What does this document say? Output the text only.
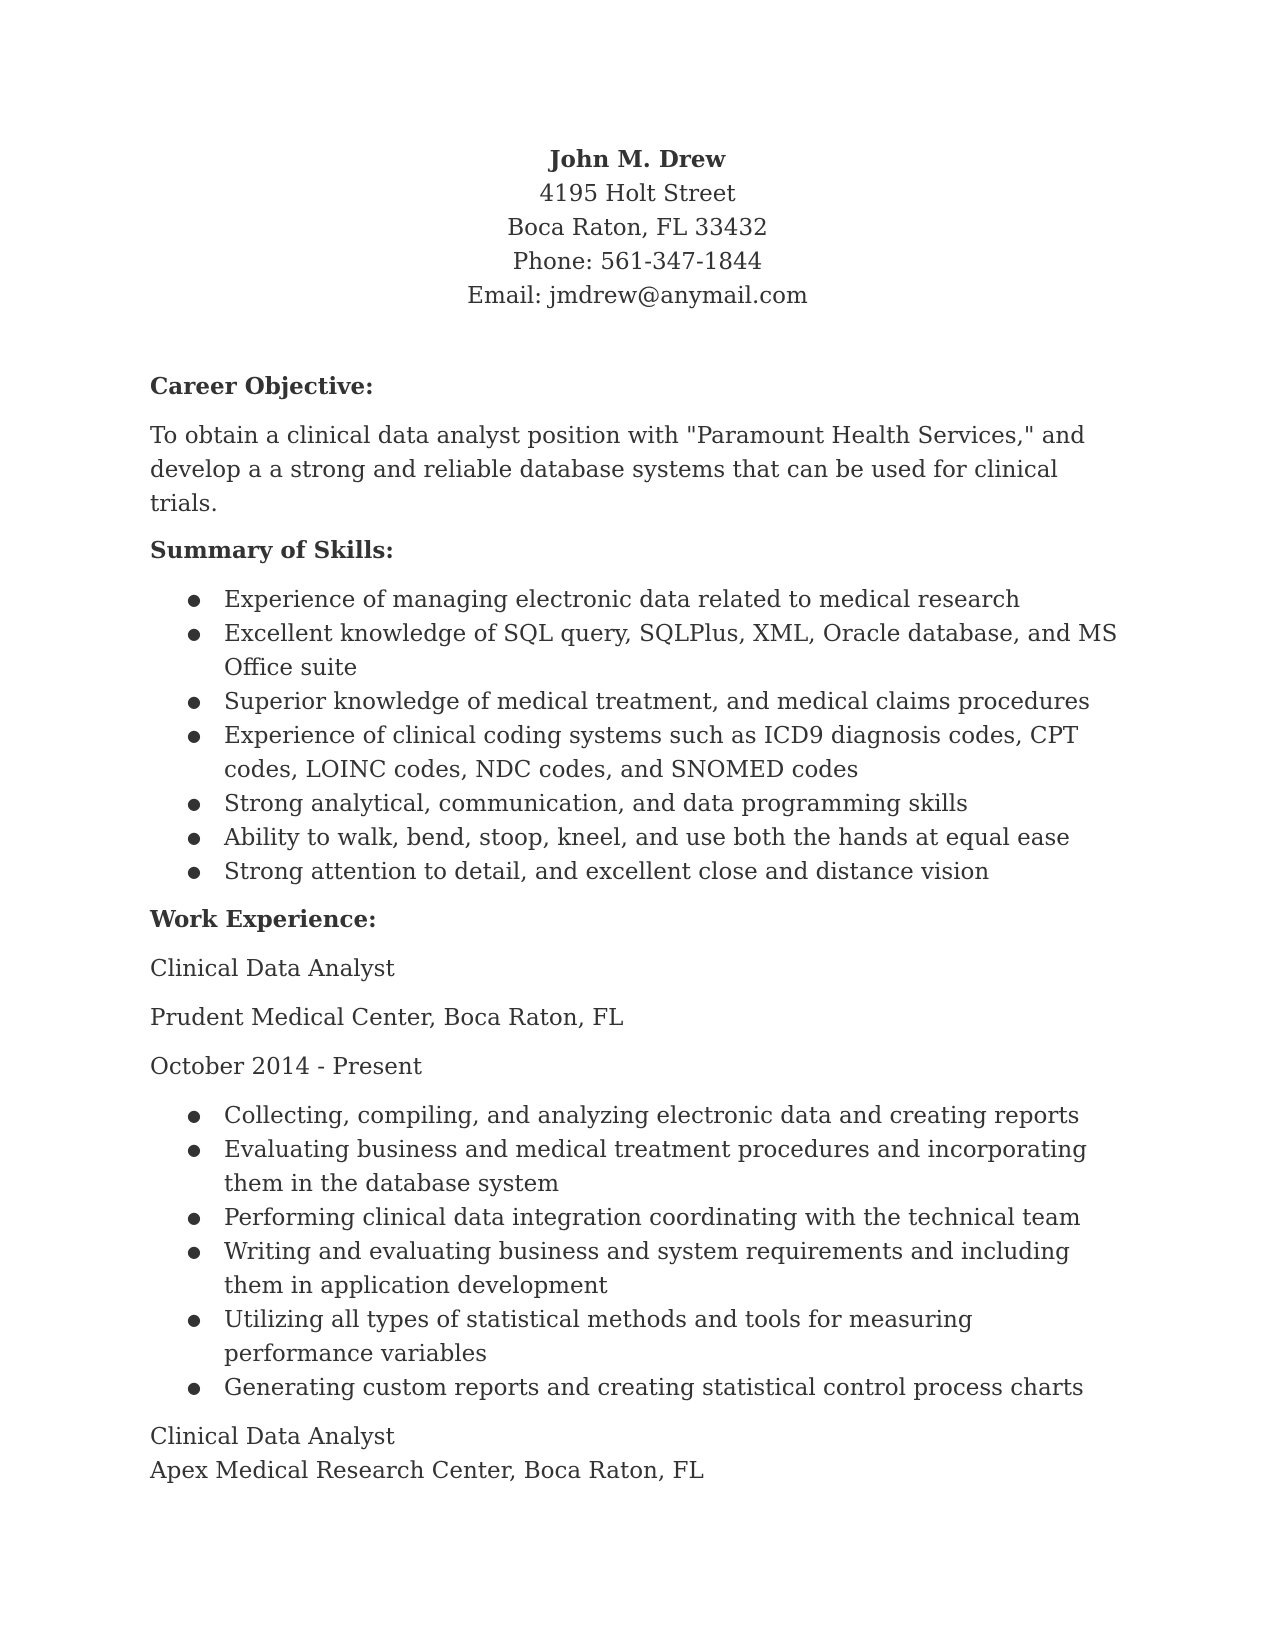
John M. Drew
4195 Holt Street
Boca Raton, FL 33432
Phone: 561-347-1844
Email: jmdrew@anymail.com

Career Objective:

To obtain a clinical data analyst position with "Paramount Health Services," and develop a a strong and reliable database systems that can be used for clinical trials.

Summary of Skills:

● Experience of managing electronic data related to medical research
● Excellent knowledge of SQL query, SQLPlus, XML, Oracle database, and MS Office suite
● Superior knowledge of medical treatment, and medical claims procedures
● Experience of clinical coding systems such as ICD9 diagnosis codes, CPT codes, LOINC codes, NDC codes, and SNOMED codes
● Strong analytical, communication, and data programming skills
● Ability to walk, bend, stoop, kneel, and use both the hands at equal ease
● Strong attention to detail, and excellent close and distance vision

Work Experience:

Clinical Data Analyst

Prudent Medical Center, Boca Raton, FL

October 2014 - Present

● Collecting, compiling, and analyzing electronic data and creating reports
● Evaluating business and medical treatment procedures and incorporating them in the database system
● Performing clinical data integration coordinating with the technical team
● Writing and evaluating business and system requirements and including them in application development
● Utilizing all types of statistical methods and tools for measuring performance variables
● Generating custom reports and creating statistical control process charts

Clinical Data Analyst

Apex Medical Research Center, Boca Raton, FL
